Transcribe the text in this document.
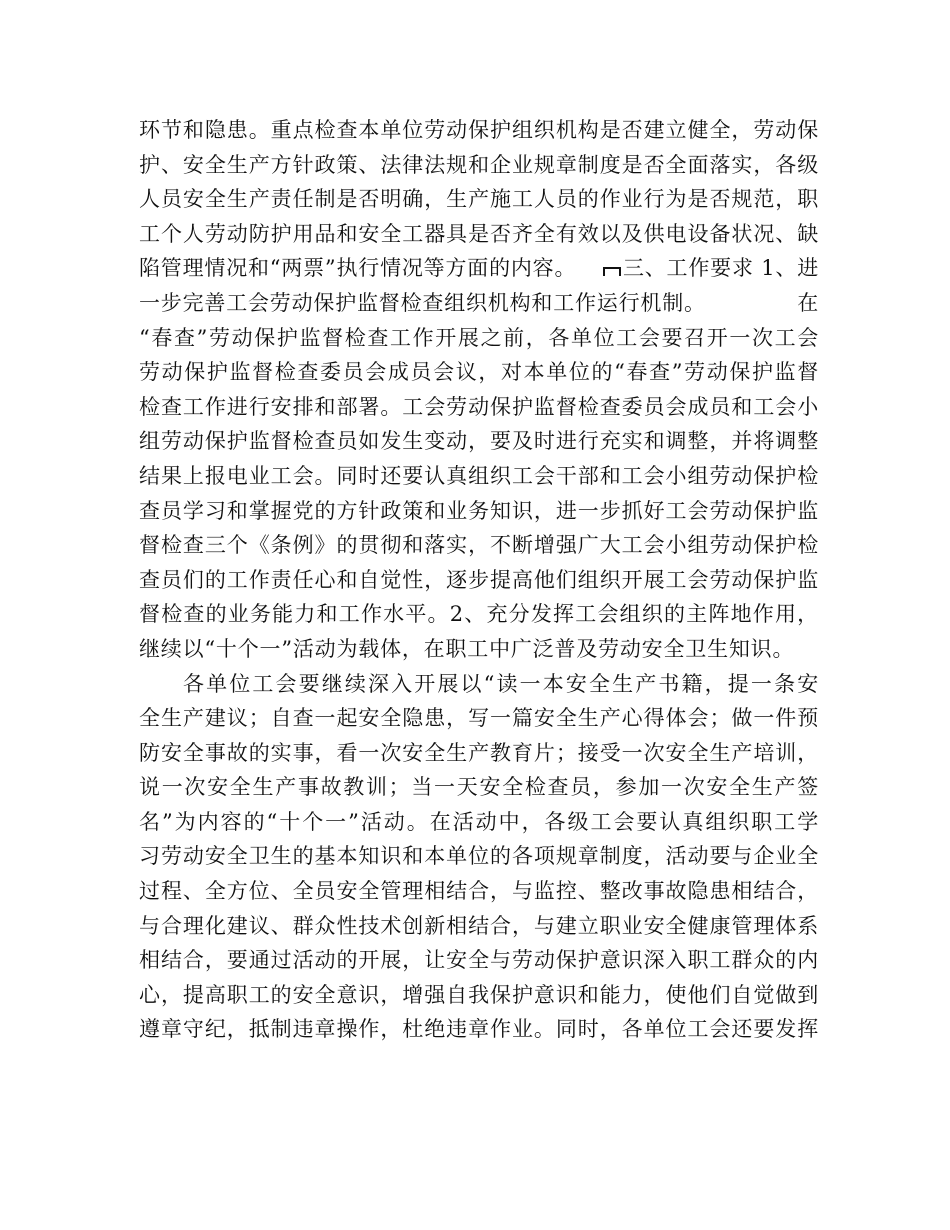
环节和隐患。重点检查本单位劳动保护组织机构是否建立健全，劳动保
护、安全生产方针政策、法律法规和企业规章制度是否全面落实，各级
人员安全生产责任制是否明确，生产施工人员的作业行为是否规范，职
工个人劳动防护用品和安全工器具是否齐全有效以及供电设备状况、缺
陷管理情况和“两票”执行情况等方面的内容。	三、工作要求 1、进
一步完善工会劳动保护监督检查组织机构和工作运行机制。	在
“春查”劳动保护监督检查工作开展之前，各单位工会要召开一次工会
劳动保护监督检查委员会成员会议，对本单位的“春查”劳动保护监督
检查工作进行安排和部署。工会劳动保护监督检查委员会成员和工会小
组劳动保护监督检查员如发生变动，要及时进行充实和调整，并将调整
结果上报电业工会。同时还要认真组织工会干部和工会小组劳动保护检
查员学习和掌握党的方针政策和业务知识，进一步抓好工会劳动保护监
督检查三个《条例》的贯彻和落实，不断增强广大工会小组劳动保护检
查员们的工作责任心和自觉性，逐步提高他们组织开展工会劳动保护监
督检查的业务能力和工作水平。2、充分发挥工会组织的主阵地作用，
继续以“十个一”活动为载体，在职工中广泛普及劳动安全卫生知识。
各单位工会要继续深入开展以“读一本安全生产书籍，提一条安
全生产建议；自查一起安全隐患，写一篇安全生产心得体会；做一件预
防安全事故的实事，看一次安全生产教育片；接受一次安全生产培训，
说一次安全生产事故教训；当一天安全检查员，参加一次安全生产签
名”为内容的“十个一”活动。在活动中，各级工会要认真组织职工学
习劳动安全卫生的基本知识和本单位的各项规章制度，活动要与企业全
过程、全方位、全员安全管理相结合，与监控、整改事故隐患相结合，
与合理化建议、群众性技术创新相结合，与建立职业安全健康管理体系
相结合，要通过活动的开展，让安全与劳动保护意识深入职工群众的内
心，提高职工的安全意识，增强自我保护意识和能力，使他们自觉做到
遵章守纪，抵制违章操作，杜绝违章作业。同时，各单位工会还要发挥
